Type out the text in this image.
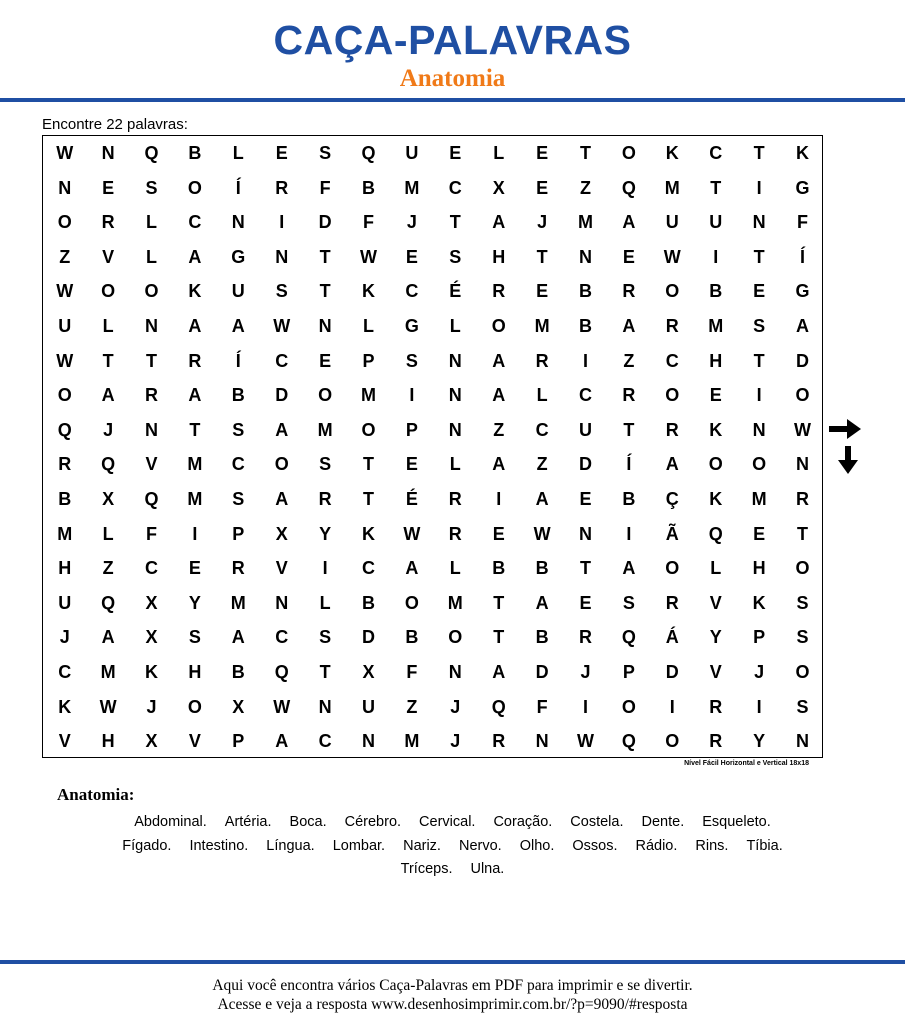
CAÇA-PALAVRAS
Anatomia
Encontre 22 palavras:
W	N	Q	B	L	E	S	Q	U	E	L	E	T	O	K	C	T	K
N	E	S	O	Í	R	F	B	M	C	X	E	Z	Q	M	T	I	G
O	R	L	C	N	I	D	F	J	T	A	J	M	A	U	U	N	F
Z	V	L	A	G	N	T	W	E	S	H	T	N	E	W	I	T	Í
W	O	O	K	U	S	T	K	C	É	R	E	B	R	O	B	E	G
U	L	N	A	A	W	N	L	G	L	O	M	B	A	R	M	S	A
W	T	T	R	Í	C	E	P	S	N	A	R	I	Z	C	H	T	D
O	A	R	A	B	D	O	M	I	N	A	L	C	R	O	E	I	O
Q	J	N	T	S	A	M	O	P	N	Z	C	U	T	R	K	N	W
R	Q	V	M	C	O	S	T	E	L	A	Z	D	Í	A	O	O	N
B	X	Q	M	S	A	R	T	É	R	I	A	E	B	Ç	K	M	R
M	L	F	I	P	X	Y	K	W	R	E	W	N	I	Ã	Q	E	T
H	Z	C	E	R	V	I	C	A	L	B	B	T	A	O	L	H	O
U	Q	X	Y	M	N	L	B	O	M	T	A	E	S	R	V	K	S
J	A	X	S	A	C	S	D	B	O	T	B	R	Q	Á	Y	P	S
C	M	K	H	B	Q	T	X	F	N	A	D	J	P	D	V	J	O
K	W	J	O	X	W	N	U	Z	J	Q	F	I	O	I	R	I	S
V	H	X	V	P	A	C	N	M	J	R	N	W	Q	O	R	Y	N
Nível Fácil Horizontal e Vertical 18x18
Anatomia:
Abdominal. Artéria. Boca. Cérebro. Cervical. Coração. Costela. Dente. Esqueleto.
Fígado. Intestino. Língua. Lombar. Nariz. Nervo. Olho. Ossos. Rádio. Rins. Tíbia.
Tríceps. Ulna.
Aqui você encontra vários Caça-Palavras em PDF para imprimir e se divertir.
Acesse e veja a resposta www.desenhosimprimir.com.br/?p=9090/#resposta
